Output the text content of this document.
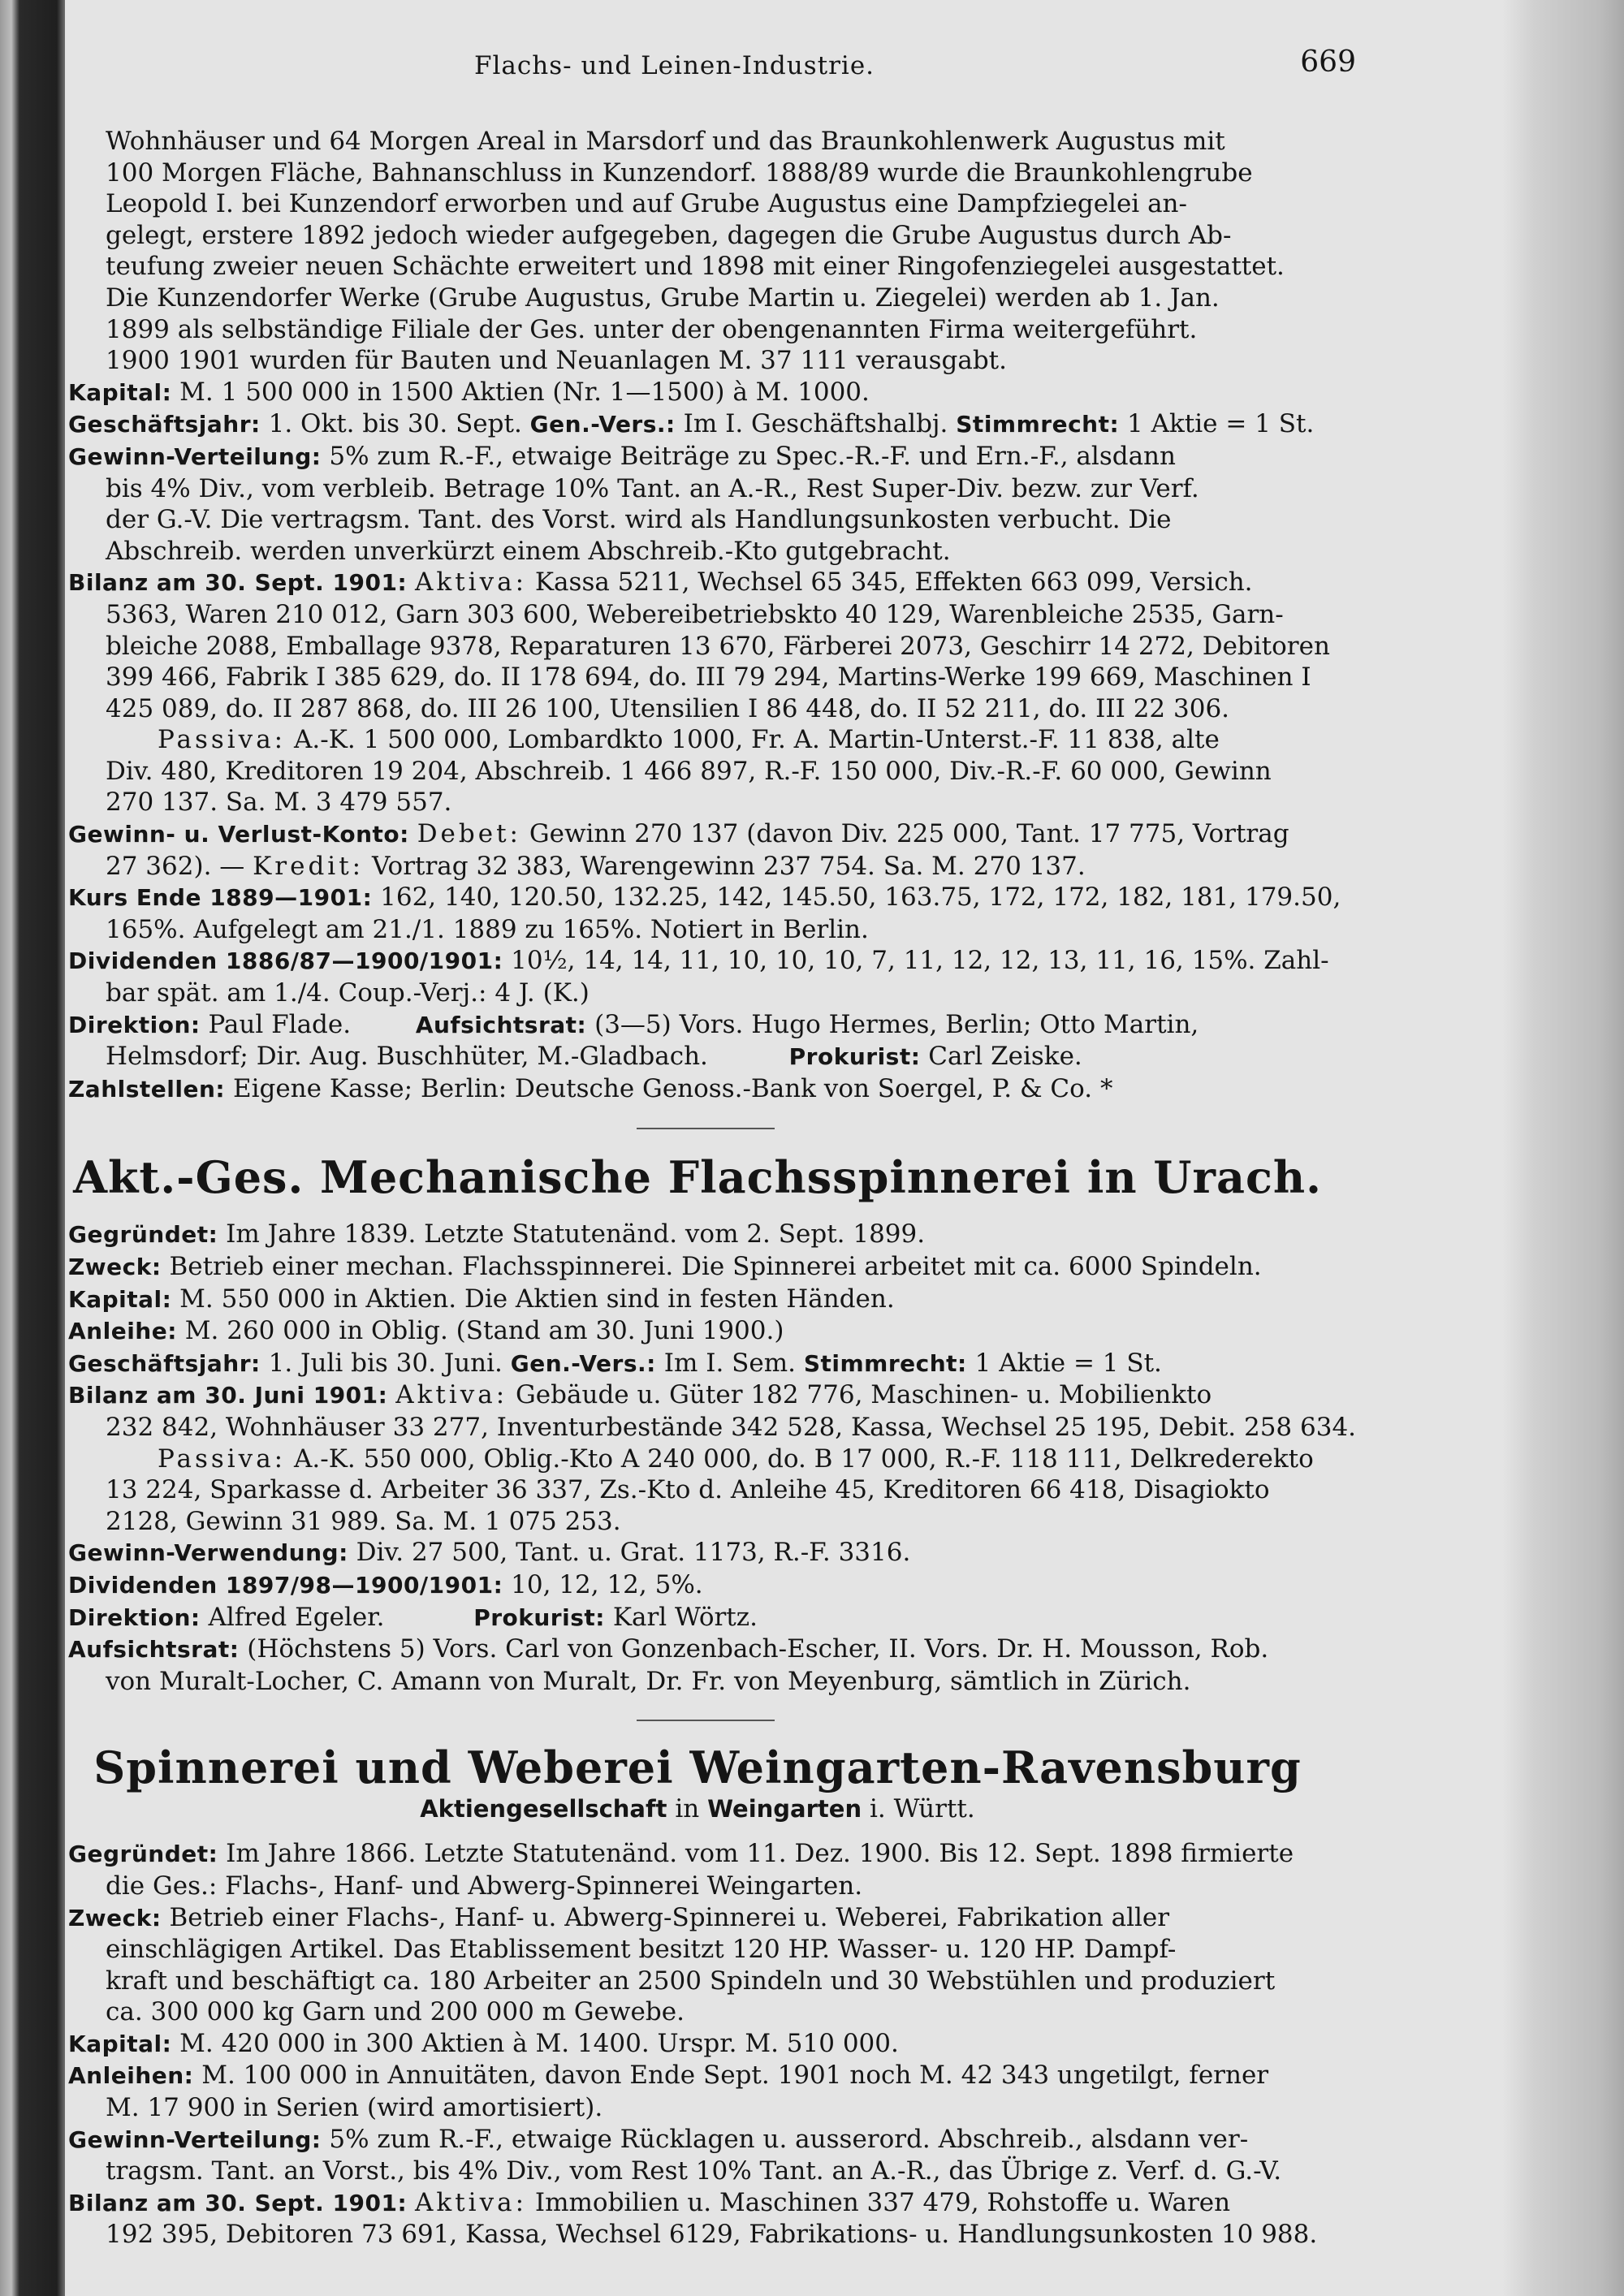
Flachs- und Leinen-Industrie.	669
Wohnhäuser und 64 Morgen Areal in Marsdorf und das Braunkohlenwerk Augustus mit
100 Morgen Fläche, Bahnanschluss in Kunzendorf. 1888/89 wurde die Braunkohlengrube
Leopold I. bei Kunzendorf erworben und auf Grube Augustus eine Dampfziegelei an-
gelegt, erstere 1892 jedoch wieder aufgegeben, dagegen die Grube Augustus durch Ab-
teufung zweier neuen Schächte erweitert und 1898 mit einer Ringofenziegelei ausgestattet.
Die Kunzendorfer Werke (Grube Augustus, Grube Martin u. Ziegelei) werden ab 1. Jan.
1899 als selbständige Filiale der Ges. unter der obengenannten Firma weitergeführt.
1900 1901 wurden für Bauten und Neuanlagen M. 37 111 verausgabt.
Kapital: M. 1 500 000 in 1500 Aktien (Nr. 1—1500) à M. 1000.
Geschäftsjahr: 1. Okt. bis 30. Sept. Gen.-Vers.: Im I. Geschäftshalbj. Stimmrecht: 1 Aktie = 1 St.
Gewinn-Verteilung: 5% zum R.-F., etwaige Beiträge zu Spec.-R.-F. und Ern.-F., alsdann
bis 4% Div., vom verbleib. Betrage 10% Tant. an A.-R., Rest Super-Div. bezw. zur Verf.
der G.-V. Die vertragsm. Tant. des Vorst. wird als Handlungsunkosten verbucht. Die
Abschreib. werden unverkürzt einem Abschreib.-Kto gutgebracht.
Bilanz am 30. Sept. 1901: Aktiva: Kassa 5211, Wechsel 65 345, Effekten 663 099, Versich.
5363, Waren 210 012, Garn 303 600, Webereibetriebskto 40 129, Warenbleiche 2535, Garn-
bleiche 2088, Emballage 9378, Reparaturen 13 670, Färberei 2073, Geschirr 14 272, Debitoren
399 466, Fabrik I 385 629, do. II 178 694, do. III 79 294, Martins-Werke 199 669, Maschinen I
425 089, do. II 287 868, do. III 26 100, Utensilien I 86 448, do. II 52 211, do. III 22 306.
Passiva: A.-K. 1 500 000, Lombardkto 1000, Fr. A. Martin-Unterst.-F. 11 838, alte
Div. 480, Kreditoren 19 204, Abschreib. 1 466 897, R.-F. 150 000, Div.-R.-F. 60 000, Gewinn
270 137. Sa. M. 3 479 557.
Gewinn- u. Verlust-Konto: Debet: Gewinn 270 137 (davon Div. 225 000, Tant. 17 775, Vortrag
27 362). — Kredit: Vortrag 32 383, Warengewinn 237 754. Sa. M. 270 137.
Kurs Ende 1889—1901: 162, 140, 120.50, 132.25, 142, 145.50, 163.75, 172, 172, 182, 181, 179.50,
165%. Aufgelegt am 21./1. 1889 zu 165%. Notiert in Berlin.
Dividenden 1886/87—1900/1901: 10½, 14, 14, 11, 10, 10, 10, 7, 11, 12, 12, 13, 11, 16, 15%. Zahl-
bar spät. am 1./4. Coup.-Verj.: 4 J. (K.)
Direktion: Paul Flade.	Aufsichtsrat: (3—5) Vors. Hugo Hermes, Berlin; Otto Martin,
Helmsdorf; Dir. Aug. Buschhüter, M.-Gladbach.	Prokurist: Carl Zeiske.
Zahlstellen: Eigene Kasse; Berlin: Deutsche Genoss.-Bank von Soergel, P. & Co. *
Akt.-Ges. Mechanische Flachsspinnerei in Urach.
Gegründet: Im Jahre 1839. Letzte Statutenänd. vom 2. Sept. 1899.
Zweck: Betrieb einer mechan. Flachsspinnerei. Die Spinnerei arbeitet mit ca. 6000 Spindeln.
Kapital: M. 550 000 in Aktien. Die Aktien sind in festen Händen.
Anleihe: M. 260 000 in Oblig. (Stand am 30. Juni 1900.)
Geschäftsjahr: 1. Juli bis 30. Juni. Gen.-Vers.: Im I. Sem. Stimmrecht: 1 Aktie = 1 St.
Bilanz am 30. Juni 1901: Aktiva: Gebäude u. Güter 182 776, Maschinen- u. Mobilienkto
232 842, Wohnhäuser 33 277, Inventurbestände 342 528, Kassa, Wechsel 25 195, Debit. 258 634.
Passiva: A.-K. 550 000, Oblig.-Kto A 240 000, do. B 17 000, R.-F. 118 111, Delkrederekto
13 224, Sparkasse d. Arbeiter 36 337, Zs.-Kto d. Anleihe 45, Kreditoren 66 418, Disagiokto
2128, Gewinn 31 989. Sa. M. 1 075 253.
Gewinn-Verwendung: Div. 27 500, Tant. u. Grat. 1173, R.-F. 3316.
Dividenden 1897/98—1900/1901: 10, 12, 12, 5%.
Direktion: Alfred Egeler.	Prokurist: Karl Wörtz.
Aufsichtsrat: (Höchstens 5) Vors. Carl von Gonzenbach-Escher, II. Vors. Dr. H. Mousson, Rob.
von Muralt-Locher, C. Amann von Muralt, Dr. Fr. von Meyenburg, sämtlich in Zürich.
Spinnerei und Weberei Weingarten-Ravensburg
Aktiengesellschaft in Weingarten i. Württ.
Gegründet: Im Jahre 1866. Letzte Statutenänd. vom 11. Dez. 1900. Bis 12. Sept. 1898 firmierte
die Ges.: Flachs-, Hanf- und Abwerg-Spinnerei Weingarten.
Zweck: Betrieb einer Flachs-, Hanf- u. Abwerg-Spinnerei u. Weberei, Fabrikation aller
einschlägigen Artikel. Das Etablissement besitzt 120 HP. Wasser- u. 120 HP. Dampf-
kraft und beschäftigt ca. 180 Arbeiter an 2500 Spindeln und 30 Webstühlen und produziert
ca. 300 000 kg Garn und 200 000 m Gewebe.
Kapital: M. 420 000 in 300 Aktien à M. 1400. Urspr. M. 510 000.
Anleihen: M. 100 000 in Annuitäten, davon Ende Sept. 1901 noch M. 42 343 ungetilgt, ferner
M. 17 900 in Serien (wird amortisiert).
Gewinn-Verteilung: 5% zum R.-F., etwaige Rücklagen u. ausserord. Abschreib., alsdann ver-
tragsm. Tant. an Vorst., bis 4% Div., vom Rest 10% Tant. an A.-R., das Übrige z. Verf. d. G.-V.
Bilanz am 30. Sept. 1901: Aktiva: Immobilien u. Maschinen 337 479, Rohstoffe u. Waren
192 395, Debitoren 73 691, Kassa, Wechsel 6129, Fabrikations- u. Handlungsunkosten 10 988.
